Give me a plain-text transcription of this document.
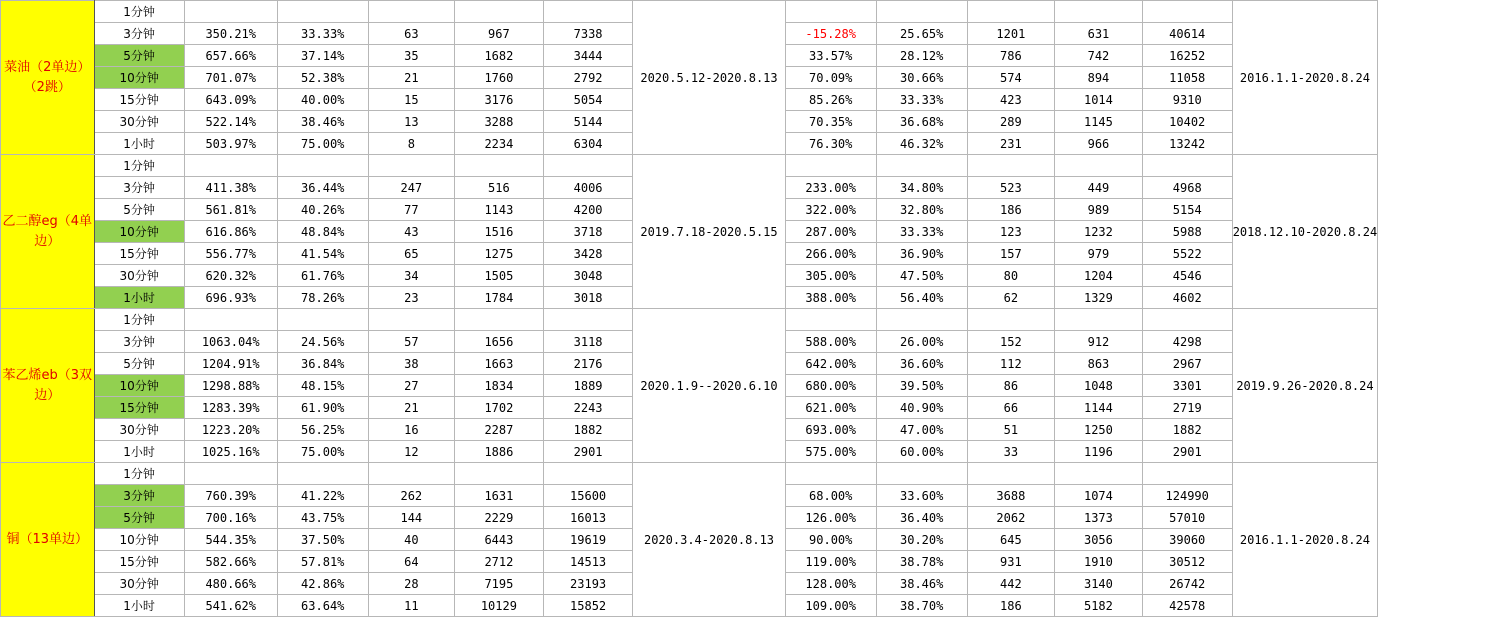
菜油（2单边）（2跳）	1分钟						2020.5.12-2020.8.13						2016.1.1-2020.8.24
	3分钟	350.21%	33.33%	63	967	7338		-15.28%	25.65%	1201	631	40614	
	5分钟	657.66%	37.14%	35	1682	3444		33.57%	28.12%	786	742	16252	
	10分钟	701.07%	52.38%	21	1760	2792		70.09%	30.66%	574	894	11058	
	15分钟	643.09%	40.00%	15	3176	5054		85.26%	33.33%	423	1014	9310	
	30分钟	522.14%	38.46%	13	3288	5144		70.35%	36.68%	289	1145	10402	
	1小时	503.97%	75.00%	8	2234	6304		76.30%	46.32%	231	966	13242	
乙二醇eg（4单边）	1分钟						2019.7.18-2020.5.15						2018.12.10-2020.8.24
	3分钟	411.38%	36.44%	247	516	4006		233.00%	34.80%	523	449	4968	
	5分钟	561.81%	40.26%	77	1143	4200		322.00%	32.80%	186	989	5154	
	10分钟	616.86%	48.84%	43	1516	3718		287.00%	33.33%	123	1232	5988	
	15分钟	556.77%	41.54%	65	1275	3428		266.00%	36.90%	157	979	5522	
	30分钟	620.32%	61.76%	34	1505	3048		305.00%	47.50%	80	1204	4546	
	1小时	696.93%	78.26%	23	1784	3018		388.00%	56.40%	62	1329	4602	
苯乙烯eb（3双边）	1分钟						2020.1.9--2020.6.10						2019.9.26-2020.8.24
	3分钟	1063.04%	24.56%	57	1656	3118		588.00%	26.00%	152	912	4298	
	5分钟	1204.91%	36.84%	38	1663	2176		642.00%	36.60%	112	863	2967	
	10分钟	1298.88%	48.15%	27	1834	1889		680.00%	39.50%	86	1048	3301	
	15分钟	1283.39%	61.90%	21	1702	2243		621.00%	40.90%	66	1144	2719	
	30分钟	1223.20%	56.25%	16	2287	1882		693.00%	47.00%	51	1250	1882	
	1小时	1025.16%	75.00%	12	1886	2901		575.00%	60.00%	33	1196	2901	
铜（13单边）	1分钟						2020.3.4-2020.8.13						2016.1.1-2020.8.24
	3分钟	760.39%	41.22%	262	1631	15600		68.00%	33.60%	3688	1074	124990	
	5分钟	700.16%	43.75%	144	2229	16013		126.00%	36.40%	2062	1373	57010	
	10分钟	544.35%	37.50%	40	6443	19619		90.00%	30.20%	645	3056	39060	
	15分钟	582.66%	57.81%	64	2712	14513		119.00%	38.78%	931	1910	30512	
	30分钟	480.66%	42.86%	28	7195	23193		128.00%	38.46%	442	3140	26742	
	1小时	541.62%	63.64%	11	10129	15852		109.00%	38.70%	186	5182	42578	
